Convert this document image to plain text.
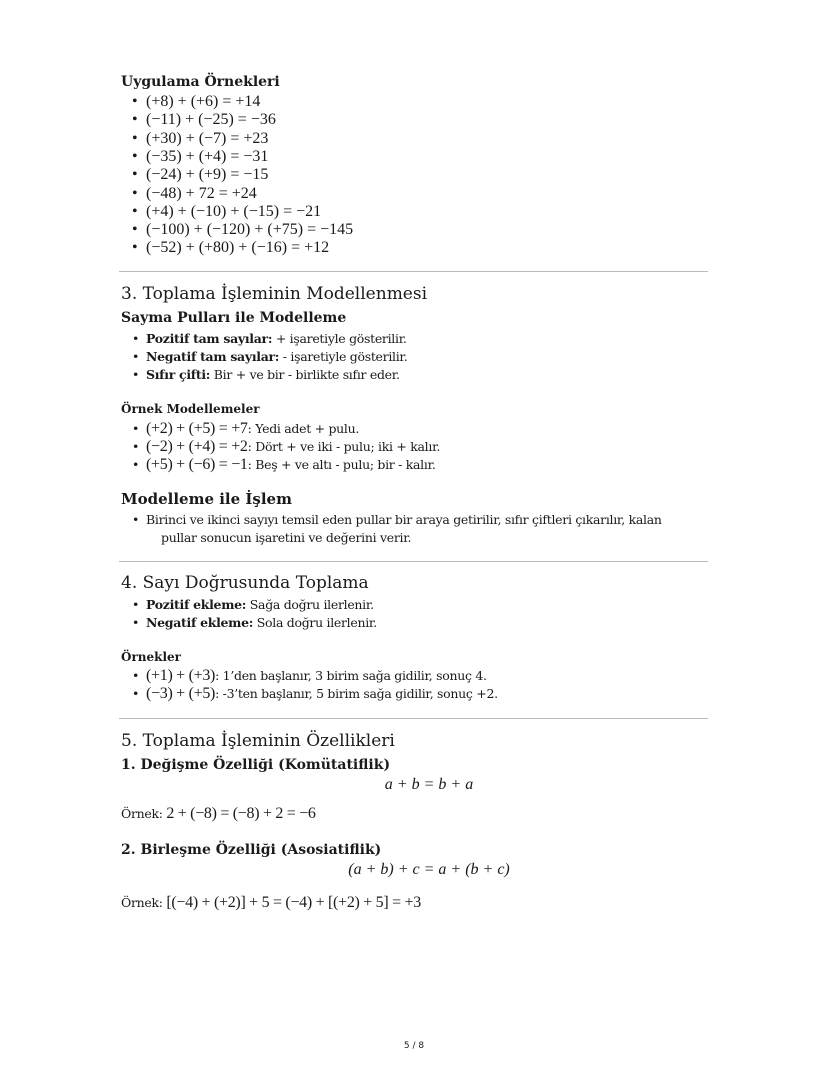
Uygulama Örnekleri
• (+8) + (+6) = +14
• (−11) + (−25) = −36
• (+30) + (−7) = +23
• (−35) + (+4) = −31
• (−24) + (+9) = −15
• (−48) + 72 = +24
• (+4) + (−10) + (−15) = −21
• (−100) + (−120) + (+75) = −145
• (−52) + (+80) + (−16) = +12
3. Toplama İşleminin Modellenmesi
Sayma Pulları ile Modelleme
• Pozitif tam sayılar: + işaretiyle gösterilir.
• Negatif tam sayılar: - işaretiyle gösterilir.
• Sıfır çifti: Bir + ve bir - birlikte sıfır eder.
Örnek Modellemeler
• (+2) + (+5) = +7: Yedi adet + pulu.
• (−2) + (+4) = +2: Dört + ve iki - pulu; iki + kalır.
• (+5) + (−6) = −1: Beş + ve altı - pulu; bir - kalır.
Modelleme ile İşlem
• Birinci ve ikinci sayıyı temsil eden pullar bir araya getirilir, sıfır çiftleri çıkarılır, kalan
pullar sonucun işaretini ve değerini verir.
4. Sayı Doğrusunda Toplama
• Pozitif ekleme: Sağa doğru ilerlenir.
• Negatif ekleme: Sola doğru ilerlenir.
Örnekler
• (+1) + (+3): 1’den başlanır, 3 birim sağa gidilir, sonuç 4.
• (−3) + (+5): -3’ten başlanır, 5 birim sağa gidilir, sonuç +2.
5. Toplama İşleminin Özellikleri
1. Değişme Özelliği (Komütatiflik)
a + b = b + a
Örnek: 2 + (−8) = (−8) + 2 = −6
2. Birleşme Özelliği (Asosiatiflik)
(a + b) + c = a + (b + c)
Örnek: [(−4) + (+2)] + 5 = (−4) + [(+2) + 5] = +3
5 / 8
